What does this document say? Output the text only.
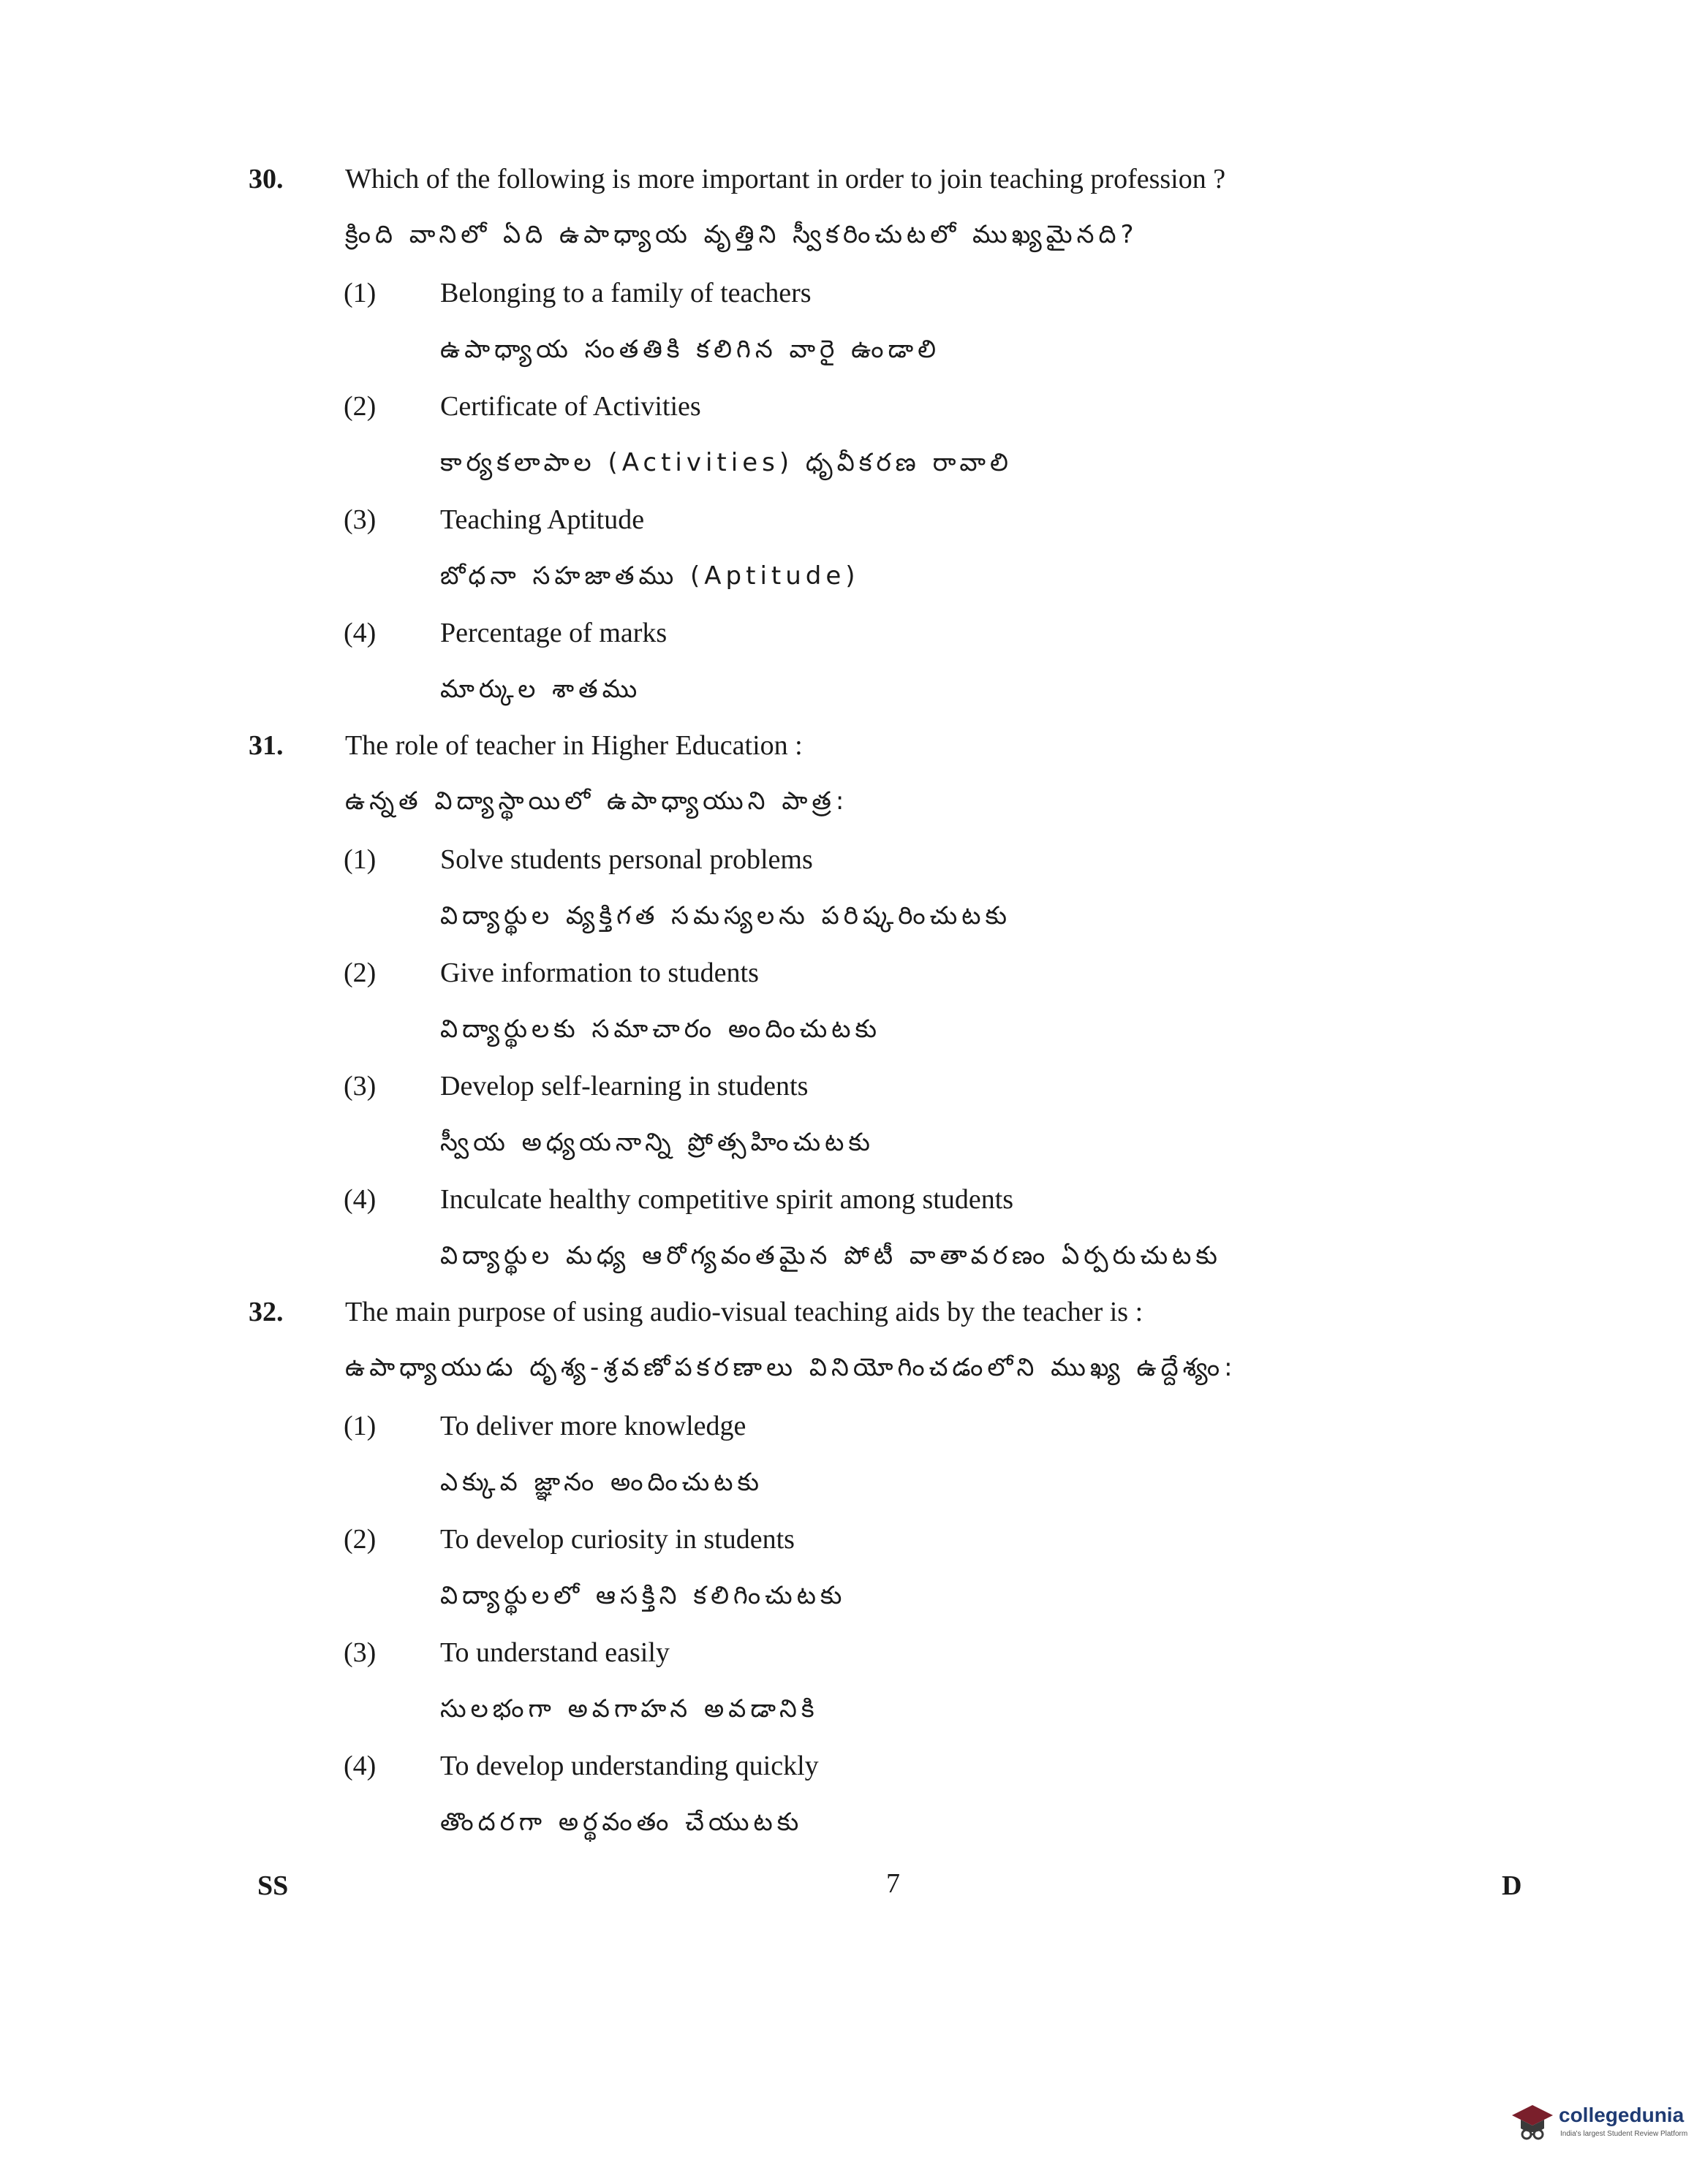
30. Which of the following is more important in order to join teaching profession ?
క్రింది వానిలో ఏది ఉపాధ్యాయ వృత్తిని స్వీకరించుటలో ముఖ్యమైనది?
(1) Belonging to a family of teachers
ఉపాధ్యాయ సంతతికి కలిగిన వారై ఉండాలి
(2) Certificate of Activities
కార్యకలాపాల (Activities) ధృవీకరణ రావాలి
(3) Teaching Aptitude
బోధనా సహజాతము (Aptitude)
(4) Percentage of marks
మార్కుల శాతము
31. The role of teacher in Higher Education :
ఉన్నత విద్యాస్థాయిలో ఉపాధ్యాయుని పాత్ర:
(1) Solve students personal problems
విద్యార్థుల వ్యక్తిగత సమస్యలను పరిష్కరించుటకు
(2) Give information to students
విద్యార్థులకు సమాచారం అందించుటకు
(3) Develop self-learning in students
స్వీయ అధ్యయనాన్ని ప్రోత్సహించుటకు
(4) Inculcate healthy competitive spirit among students
విద్యార్థుల మధ్య ఆరోగ్యవంతమైన పోటీ వాతావరణం ఏర్పరుచుటకు
32. The main purpose of using audio-visual teaching aids by the teacher is :
ఉపాధ్యాయుడు దృశ్య-శ్రవణోపకరణాలు వినియోగించడంలోని ముఖ్య ఉద్దేశ్యం:
(1) To deliver more knowledge
ఎక్కువ జ్ఞానం అందించుటకు
(2) To develop curiosity in students
విద్యార్థులలో ఆసక్తిని కలిగించుటకు
(3) To understand easily
సులభంగా అవగాహన అవడానికి
(4) To develop understanding quickly
తొందరగా అర్థవంతం చేయుటకు
SS	7	D
collegedunia
India's largest Student Review Platform
